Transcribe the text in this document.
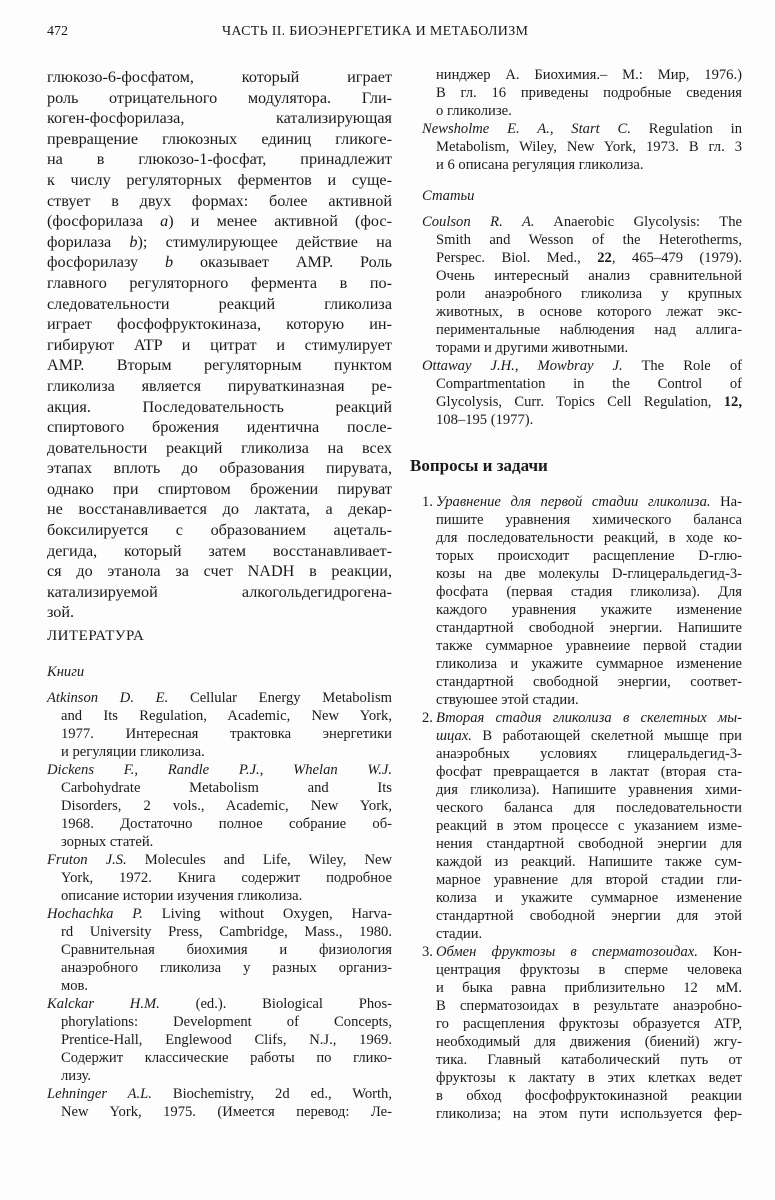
472	ЧАСТЬ II. БИОЭНЕРГЕТИКА И МЕТАБОЛИЗМ
глюкозо-6-фосфатом, который играет
роль отрицательного модулятора. Гли-
коген-фосфорилаза, катализирующая
превращение глюкозных единиц гликоге-
на в глюкозо-1-фосфат, принадлежит
к числу регуляторных ферментов и суще-
ствует в двух формах: более активной
(фосфорилаза a) и менее активной (фос-
форилаза b); стимулирующее действие на
фосфорилазу b оказывает AMP. Роль
главного регуляторного фермента в по-
следовательности реакций гликолиза
играет фосфофруктокиназа, которую ин-
гибируют ATP и цитрат и стимулирует
AMP. Вторым регуляторным пунктом
гликолиза является пируваткиназная ре-
акция. Последовательность реакций
спиртового брожения идентична после-
довательности реакций гликолиза на всех
этапах вплоть до образования пирувата,
однако при спиртовом брожении пируват
не восстанавливается до лактата, а декар-
боксилируется с образованием ацеталь-
дегида, который затем восстанавливает-
ся до этанола за счет NADH в реакции,
катализируемой алкогольдегидрогена-
зой.
ЛИТЕРАТУРА
Книги
Atkinson D. E. Cellular Energy Metabolism
and Its Regulation, Academic, New York,
1977. Интересная трактовка энергетики
и регуляции гликолиза.
Dickens F., Randle P.J., Whelan W.J.
Carbohydrate Metabolism and Its
Disorders, 2 vols., Academic, New York,
1968. Достаточно полное собрание об-
зорных статей.
Fruton J.S. Molecules and Life, Wiley, New
York, 1972. Книга содержит подробное
описание истории изучения гликолиза.
Hochachka P. Living without Oxygen, Harva-
rd University Press, Cambridge, Mass., 1980.
Сравнительная биохимия и физиология
анаэробного гликолиза у разных организ-
мов.
Kalckar H.M. (ed.). Biological Phos-
phorylations: Development of Concepts,
Prentice-Hall, Englewood Clifs, N.J., 1969.
Содержит классические работы по глико-
лизу.
Lehninger A.L. Biochemistry, 2d ed., Worth,
New York, 1975. (Имеется перевод: Ле-
нинджер А. Биохимия.– М.: Мир, 1976.)
В гл. 16 приведены подробные сведения
о гликолизе.
Newsholme E. A., Start C. Regulation in
Metabolism, Wiley, New York, 1973. В гл. 3
и 6 описана регуляция гликолиза.
Статьи
Coulson R. A. Anaerobic Glycolysis: The
Smith and Wesson of the Heterotherms,
Perspec. Biol. Med., 22, 465–479 (1979).
Очень интересный анализ сравнительной
роли анаэробного гликолиза у крупных
животных, в основе которого лежат экс-
периментальные наблюдения над аллига-
торами и другими животными.
Ottaway J.H., Mowbray J. The Role of
Compartmentation in the Control of
Glycolysis, Curr. Topics Cell Regulation, 12,
108–195 (1977).
Вопросы и задачи
1. Уравнение для первой стадии гликолиза. На-
пишите уравнения химического баланса
для последовательности реакций, в ходе ко-
торых происходит расщепление D-глю-
козы на две молекулы D-глицеральдегид-3-
фосфата (первая стадия гликолиза). Для
каждого уравнения укажите изменение
стандартной свободной энергии. Напишите
также суммарное уравнеиие первой стадии
гликолиза и укажите суммарное изменение
стандартной свободной энергии, соответ-
ствуюшее этой стадии.
2. Вторая стадия гликолиза в скелетных мы-
шцах. В работающей скелетной мышце при
анаэробных условиях глицеральдегид-3-
фосфат превращается в лактат (вторая ста-
дия гликолиза). Напишите уравнения хими-
ческого баланса для последовательности
реакций в этом процессе с указанием изме-
нения стандартной свободной энергии для
каждой из реакций. Напишите также сум-
марное уравнение для второй стадии гли-
колиза и укажите суммарное изменение
стандартной свободной энергии для этой
стадии.
3. Обмен фруктозы в сперматозоидах. Кон-
центрация фруктозы в сперме человека
и быка равна приблизительно 12 мМ.
В сперматозоидах в результате анаэробно-
го расщепления фруктозы образуется ATP,
необходимый для движения (биений) жгу-
тика. Главный катаболический путь от
фруктозы к лактату в этих клетках ведет
в обход фосфофруктокиназной реакции
гликолиза; на этом пути используется фер-
